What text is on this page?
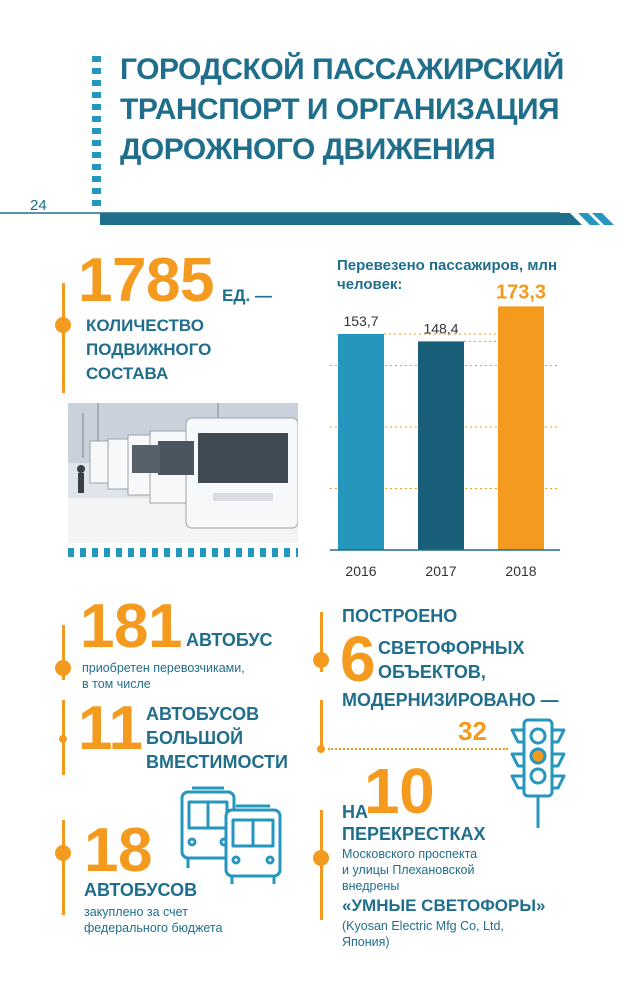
ГОРОДСКОЙ ПАССАЖИРСКИЙ
ТРАНСПОРТ И ОРГАНИЗАЦИЯ
ДОРОЖНОГО ДВИЖЕНИЯ
24
1785 ЕД. —
КОЛИЧЕСТВО
ПОДВИЖНОГО
СОСТАВА
Перевезено пассажиров, млн человек:
153,7
2016
148,4
2017
173,3
2018
181 АВТОБУС
приобретен перевозчиками,
в том числе
11 АВТОБУСОВ
БОЛЬШОЙ
ВМЕСТИМОСТИ
18
АВТОБУСОВ
закуплено за счет
федерального бюджета
ПОСТРОЕНО
6 СВЕТОФОРНЫХ
ОБЪЕКТОВ,
МОДЕРНИЗИРОВАНО —
32
НА
10
ПЕРЕКРЕСТКАХ
Московского проспекта
и улицы Плехановской
внедрены
«УМНЫЕ СВЕТОФОРЫ»
(Kyosan Electric Mfg Co, Ltd,
Япония)
